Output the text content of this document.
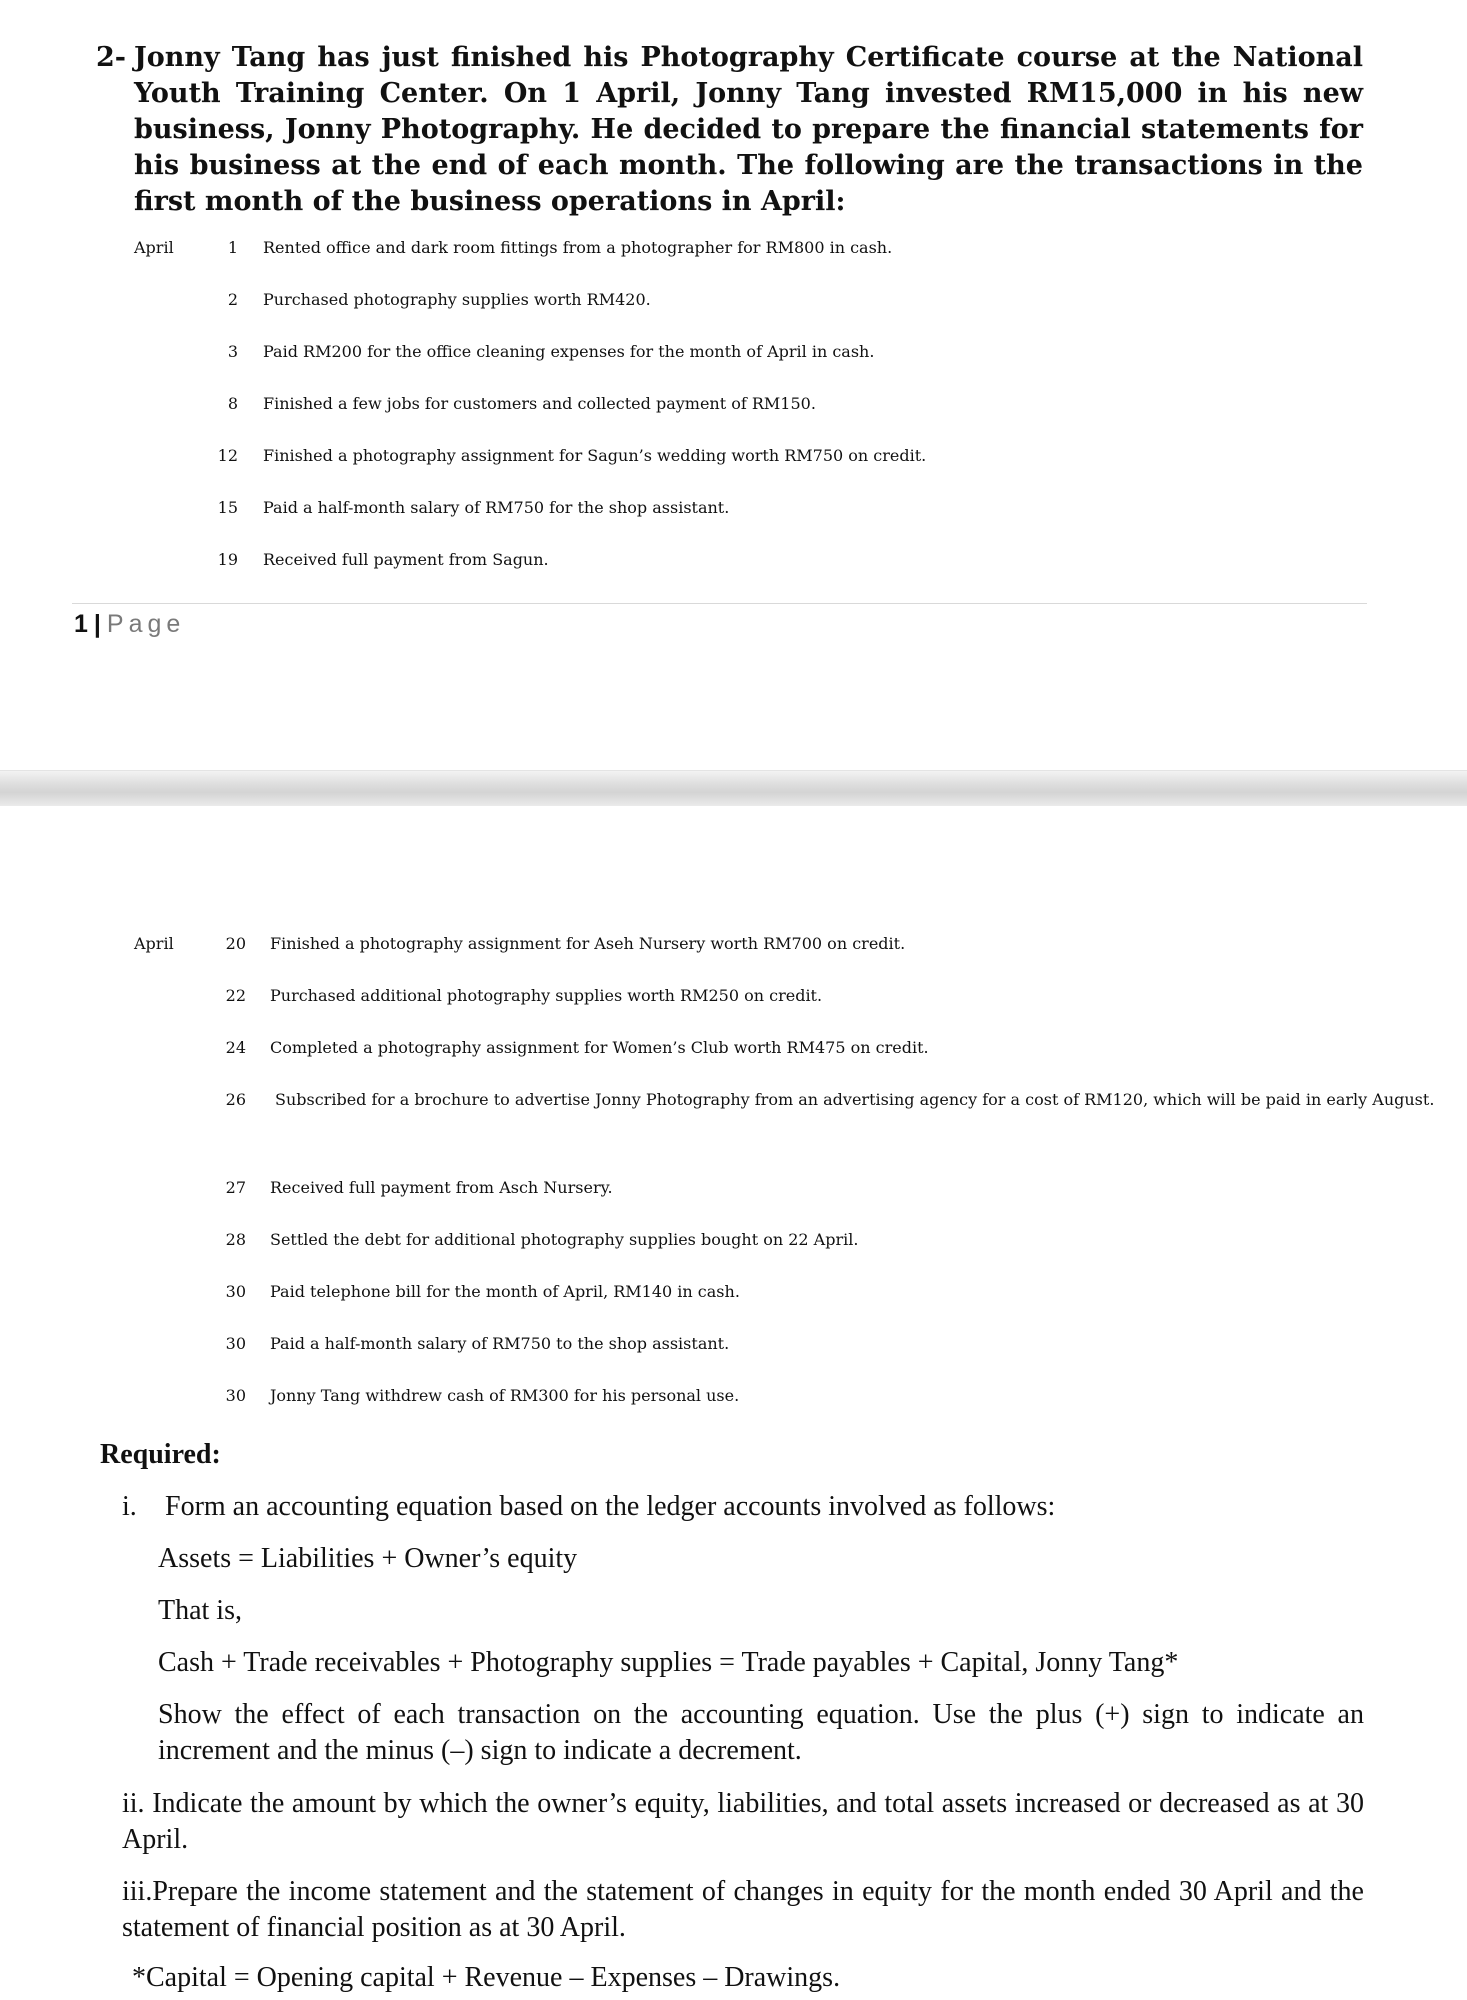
2- Jonny Tang has just finished his Photography Certificate course at the National Youth Training Center. On 1 April, Jonny Tang invested RM15,000 in his new business, Jonny Photography. He decided to prepare the financial statements for his business at the end of each month. The following are the transactions in the first month of the business operations in April:
April	1 Rented office and dark room fittings from a photographer for RM800 in cash.
2 Purchased photography supplies worth RM420.
3 Paid RM200 for the office cleaning expenses for the month of April in cash.
8 Finished a few jobs for customers and collected payment of RM150.
12 Finished a photography assignment for Sagun’s wedding worth RM750 on credit.
15 Paid a half-month salary of RM750 for the shop assistant.
19 Received full payment from Sagun.
1 | Page
April	20 Finished a photography assignment for Aseh Nursery worth RM700 on credit.
22 Purchased additional photography supplies worth RM250 on credit.
24 Completed a photography assignment for Women’s Club worth RM475 on credit.
26 Subscribed for a brochure to advertise Jonny Photography from an advertising agency for a cost of RM120, which will be paid in early August.
27 Received full payment from Asch Nursery.
28 Settled the debt for additional photography supplies bought on 22 April.
30 Paid telephone bill for the month of April, RM140 in cash.
30 Paid a half-month salary of RM750 to the shop assistant.
30 Jonny Tang withdrew cash of RM300 for his personal use.
Required:
i. Form an accounting equation based on the ledger accounts involved as follows:
Assets = Liabilities + Owner’s equity
That is,
Cash + Trade receivables + Photography supplies = Trade payables + Capital, Jonny Tang*
Show the effect of each transaction on the accounting equation. Use the plus (+) sign to indicate an increment and the minus (–) sign to indicate a decrement.
ii. Indicate the amount by which the owner’s equity, liabilities, and total assets increased or decreased as at 30 April.
iii.Prepare the income statement and the statement of changes in equity for the month ended 30 April and the statement of financial position as at 30 April.
*Capital = Opening capital + Revenue – Expenses – Drawings.
